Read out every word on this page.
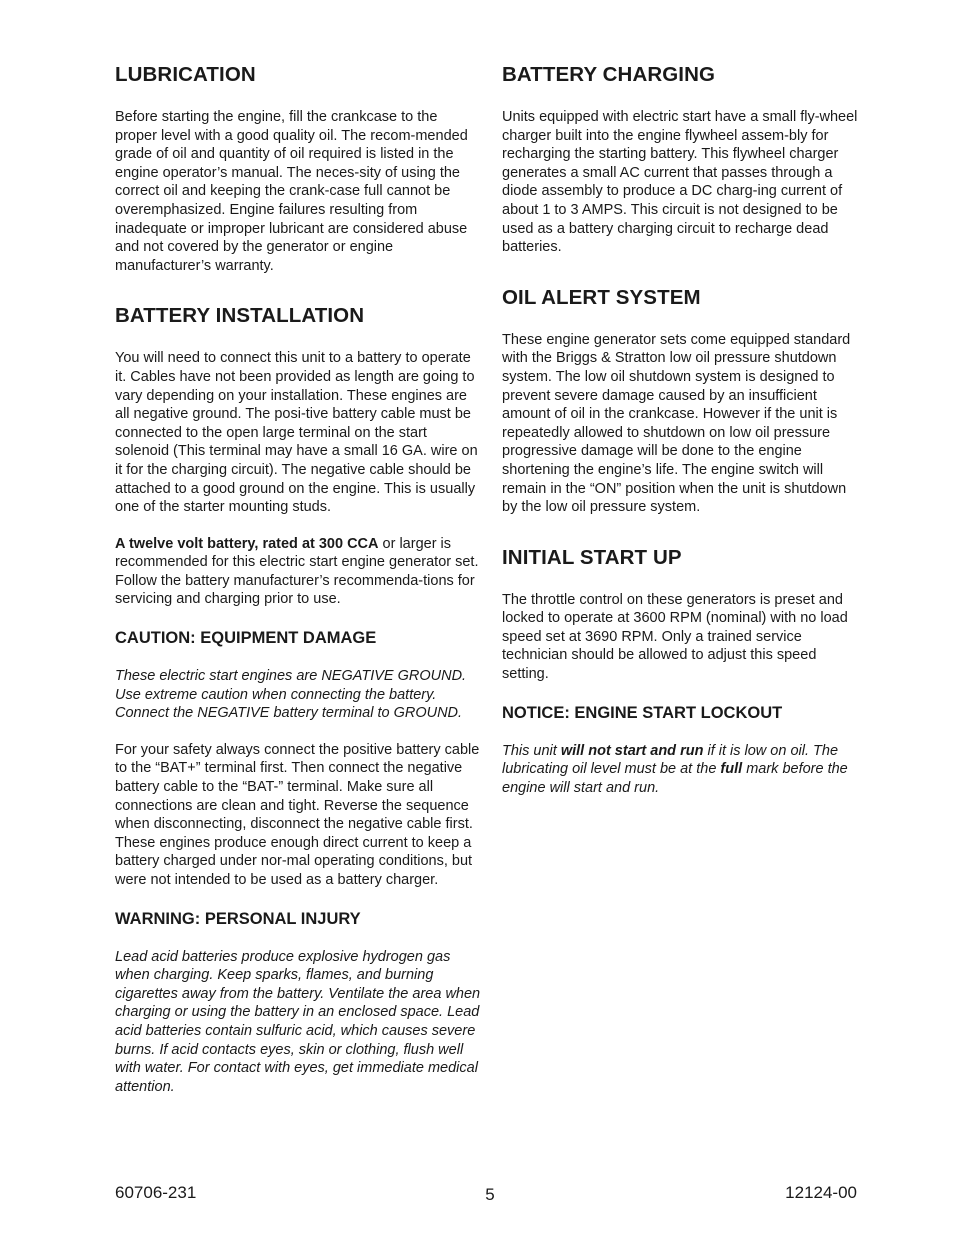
LUBRICATION

Before starting the engine, fill the crankcase to the proper level with a good quality oil. The recom-mended grade of oil and quantity of oil required is listed in the engine operator’s manual. The neces-sity of using the correct oil and keeping the crank-case full cannot be overemphasized. Engine failures resulting from inadequate or improper lubricant are considered abuse and not covered by the generator or engine manufacturer’s warranty.

BATTERY INSTALLATION

You will need to connect this unit to a battery to operate it. Cables have not been provided as length are going to vary depending on your installation. These engines are all negative ground. The posi-tive battery cable must be connected to the open large terminal on the start solenoid (This terminal may have a small 16 GA. wire on it for the charging circuit). The negative cable should be attached to a good ground on the engine. This is usually one of the starter mounting studs.

A twelve volt battery, rated at 300 CCA or larger is recommended for this electric start engine generator set. Follow the battery manufacturer’s recommenda-tions for servicing and charging prior to use.

CAUTION: EQUIPMENT DAMAGE

These electric start engines are NEGATIVE GROUND. Use extreme caution when connecting the battery. Connect the NEGATIVE battery terminal to GROUND.

For your safety always connect the positive battery cable to the “BAT+” terminal first. Then connect the negative battery cable to the “BAT-” terminal. Make sure all connections are clean and tight. Reverse the sequence when disconnecting, disconnect the negative cable first. These engines produce enough direct current to keep a battery charged under nor-mal operating conditions, but were not intended to be used as a battery charger.

WARNING: PERSONAL INJURY

Lead acid batteries produce explosive hydrogen gas when charging. Keep sparks, flames, and burning cigarettes away from the battery. Ventilate the area when charging or using the battery in an enclosed space. Lead acid batteries contain sulfuric acid, which causes severe burns. If acid contacts eyes, skin or clothing, flush well with water. For contact with eyes, get immediate medical attention.

BATTERY CHARGING

Units equipped with electric start have a small fly-wheel charger built into the engine flywheel assem-bly for recharging the starting battery. This flywheel charger generates a small AC current that passes through a diode assembly to produce a DC charg-ing current of about 1 to 3 AMPS. This circuit is not designed to be used as a battery charging circuit to recharge dead batteries.

OIL ALERT SYSTEM

These engine generator sets come equipped standard with the Briggs & Stratton low oil pressure shutdown system. The low oil shutdown system is designed to prevent severe damage caused by an insufficient amount of oil in the crankcase. However if the unit is repeatedly allowed to shutdown on low oil pressure progressive damage will be done to the engine shortening the engine’s life. The engine switch will remain in the “ON” position when the unit is shutdown by the low oil pressure system.

INITIAL START UP

The throttle control on these generators is preset and locked to operate at 3600 RPM (nominal) with no load speed set at 3690 RPM. Only a trained service technician should be allowed to adjust this speed setting.

NOTICE: ENGINE START LOCKOUT

This unit will not start and run if it is low on oil. The lubricating oil level must be at the full mark before the engine will start and run.

60706-231	5	12124-00
